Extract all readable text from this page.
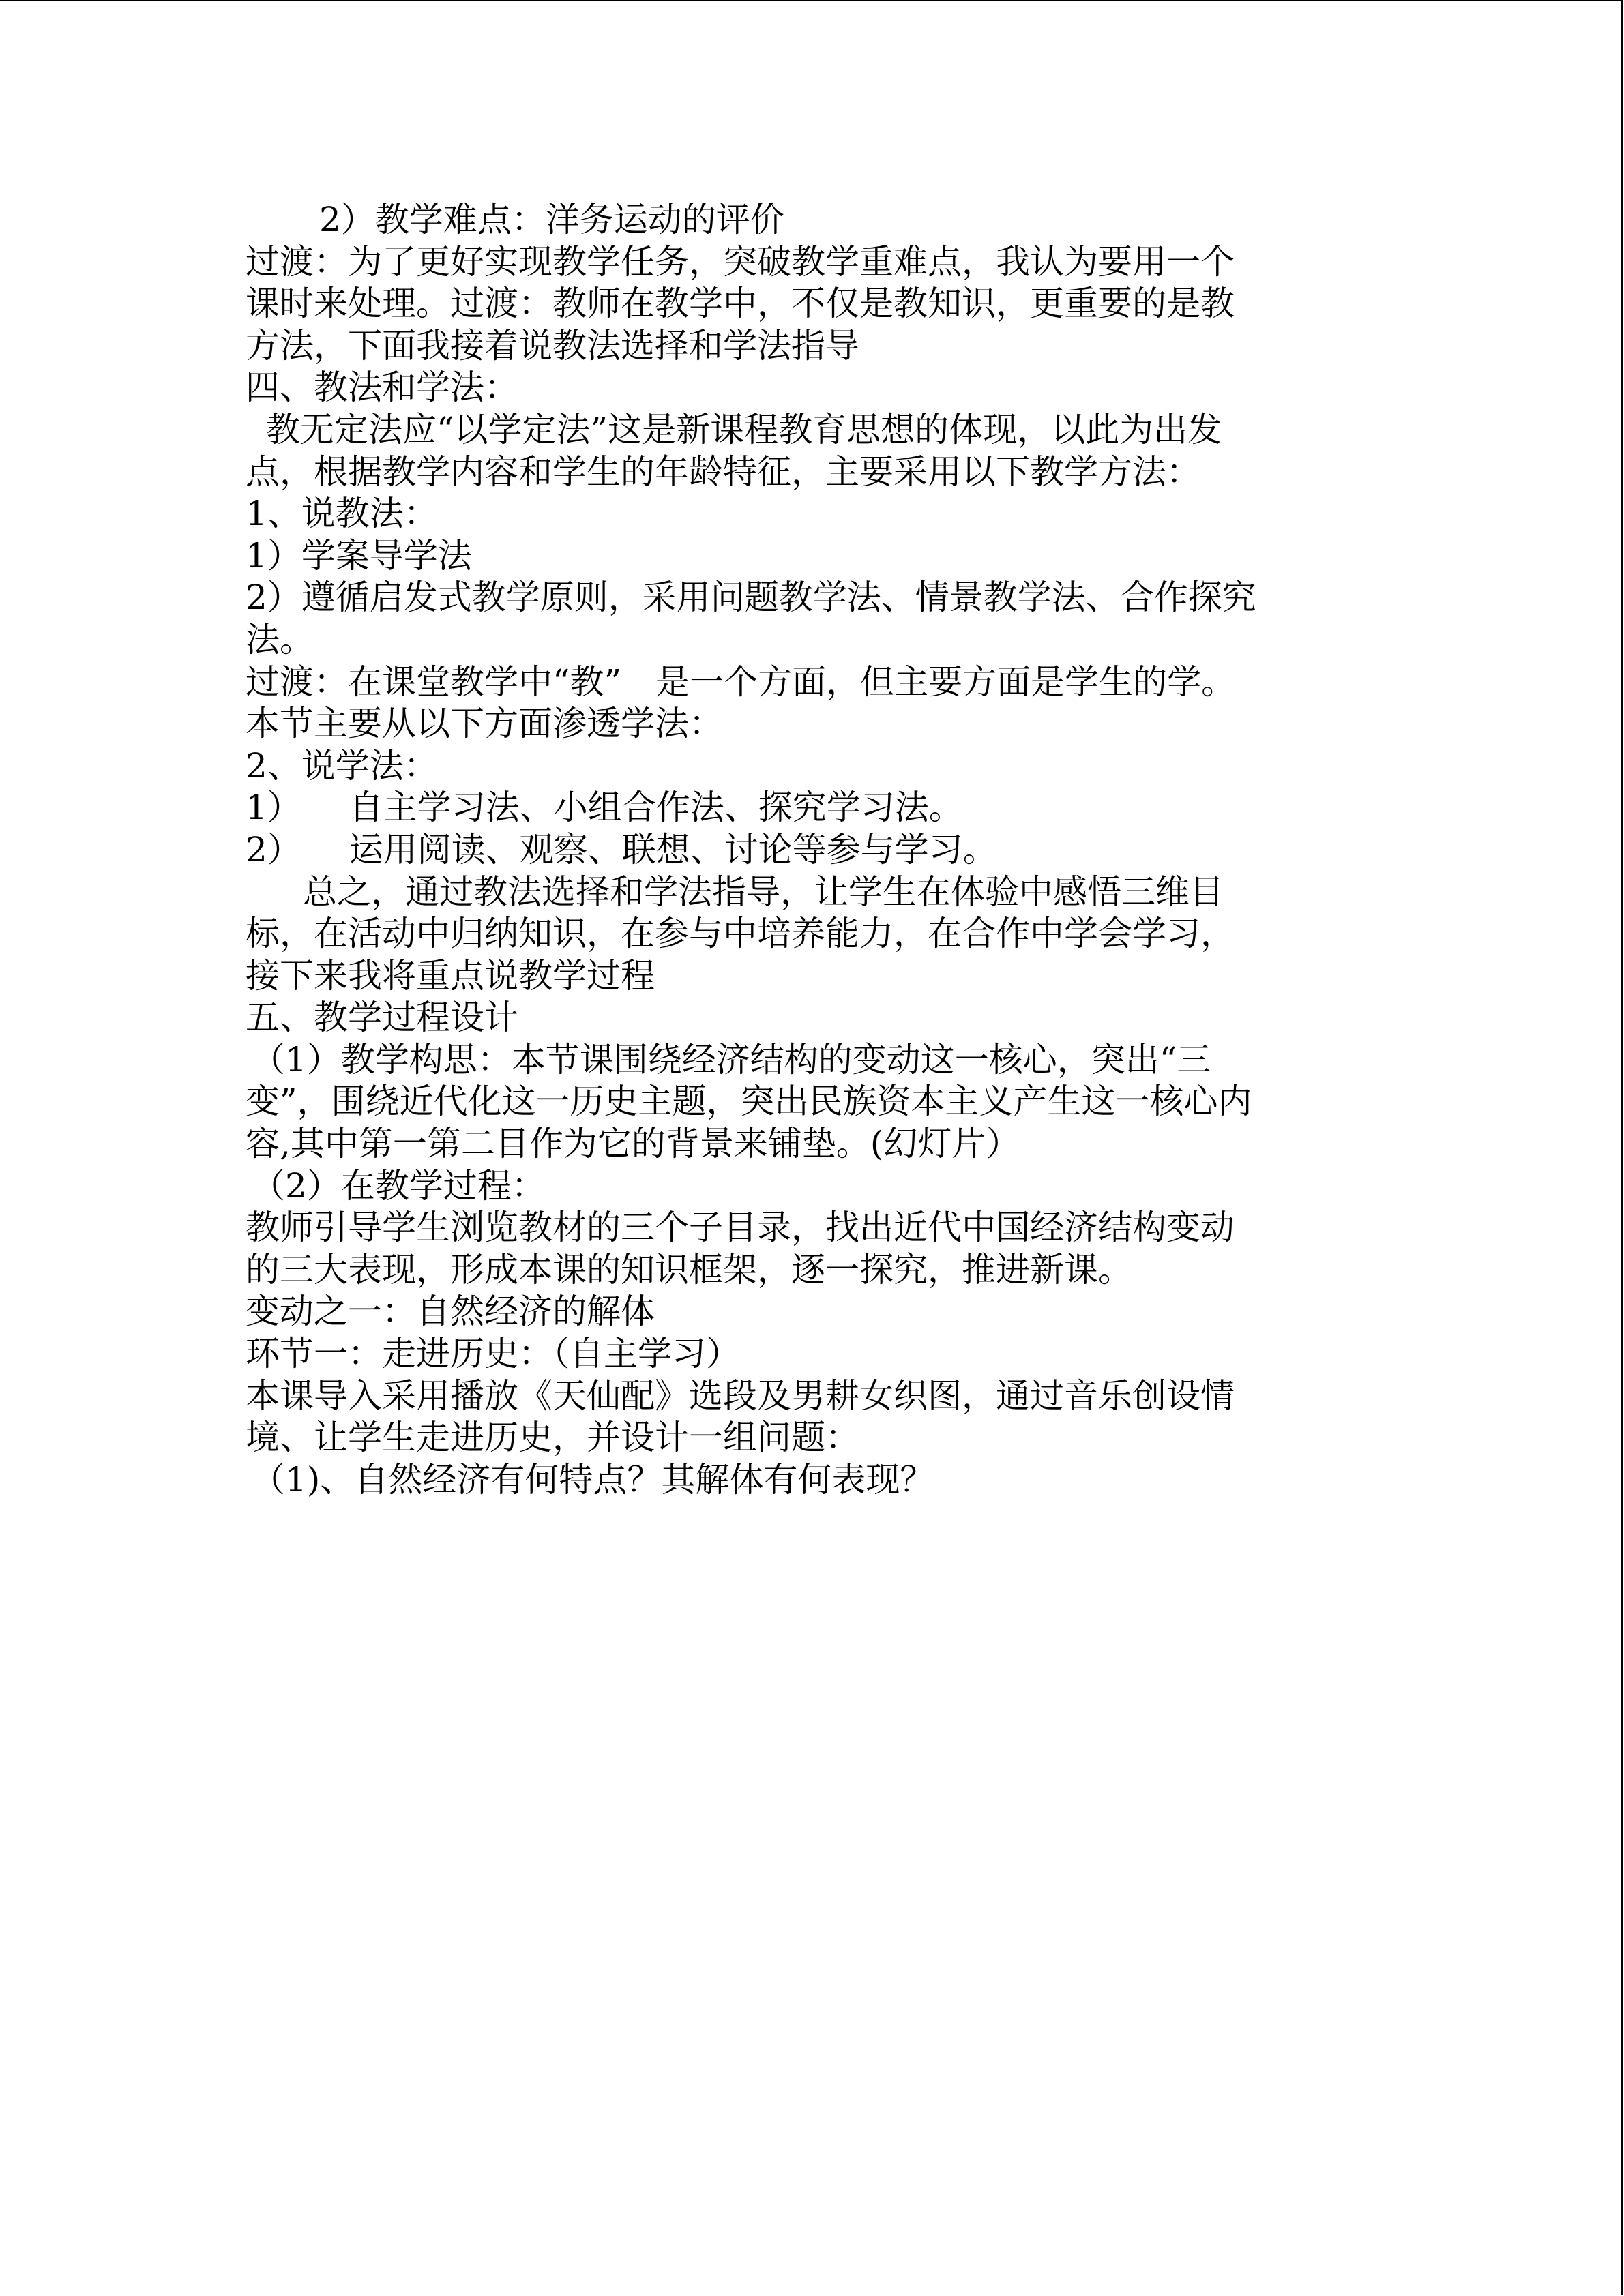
2）教学难点：洋务运动的评价
过渡：为了更好实现教学任务，突破教学重难点，我认为要用一个
课时来处理。过渡：教师在教学中，不仅是教知识，更重要的是教
方法，下面我接着说教法选择和学法指导
四、教法和学法：
教无定法应“以学定法”这是新课程教育思想的体现，以此为出发
点，根据教学内容和学生的年龄特征，主要采用以下教学方法：
1、说教法：
1）学案导学法
2）遵循启发式教学原则，采用问题教学法、情景教学法、合作探究
法。
过渡：在课堂教学中“教”　是一个方面，但主要方面是学生的学。
本节主要从以下方面渗透学法：
2、说学法：
1） 自主学习法、小组合作法、探究学习法。
2） 运用阅读、观察、联想、讨论等参与学习。
总之，通过教法选择和学法指导，让学生在体验中感悟三维目
标，在活动中归纳知识，在参与中培养能力，在合作中学会学习，
接下来我将重点说教学过程
五、教学过程设计
（1）教学构思：本节课围绕经济结构的变动这一核心，突出“三
变”，围绕近代化这一历史主题，突出民族资本主义产生这一核心内
容,其中第一第二目作为它的背景来铺垫。(幻灯片）
（2）在教学过程：
教师引导学生浏览教材的三个子目录，找出近代中国经济结构变动
的三大表现，形成本课的知识框架，逐一探究，推进新课。
变动之一：自然经济的解体
环节一：走进历史：（自主学习）
本课导入采用播放《天仙配》选段及男耕女织图，通过音乐创设情
境、让学生走进历史，并设计一组问题：
（1)、自然经济有何特点？其解体有何表现？
